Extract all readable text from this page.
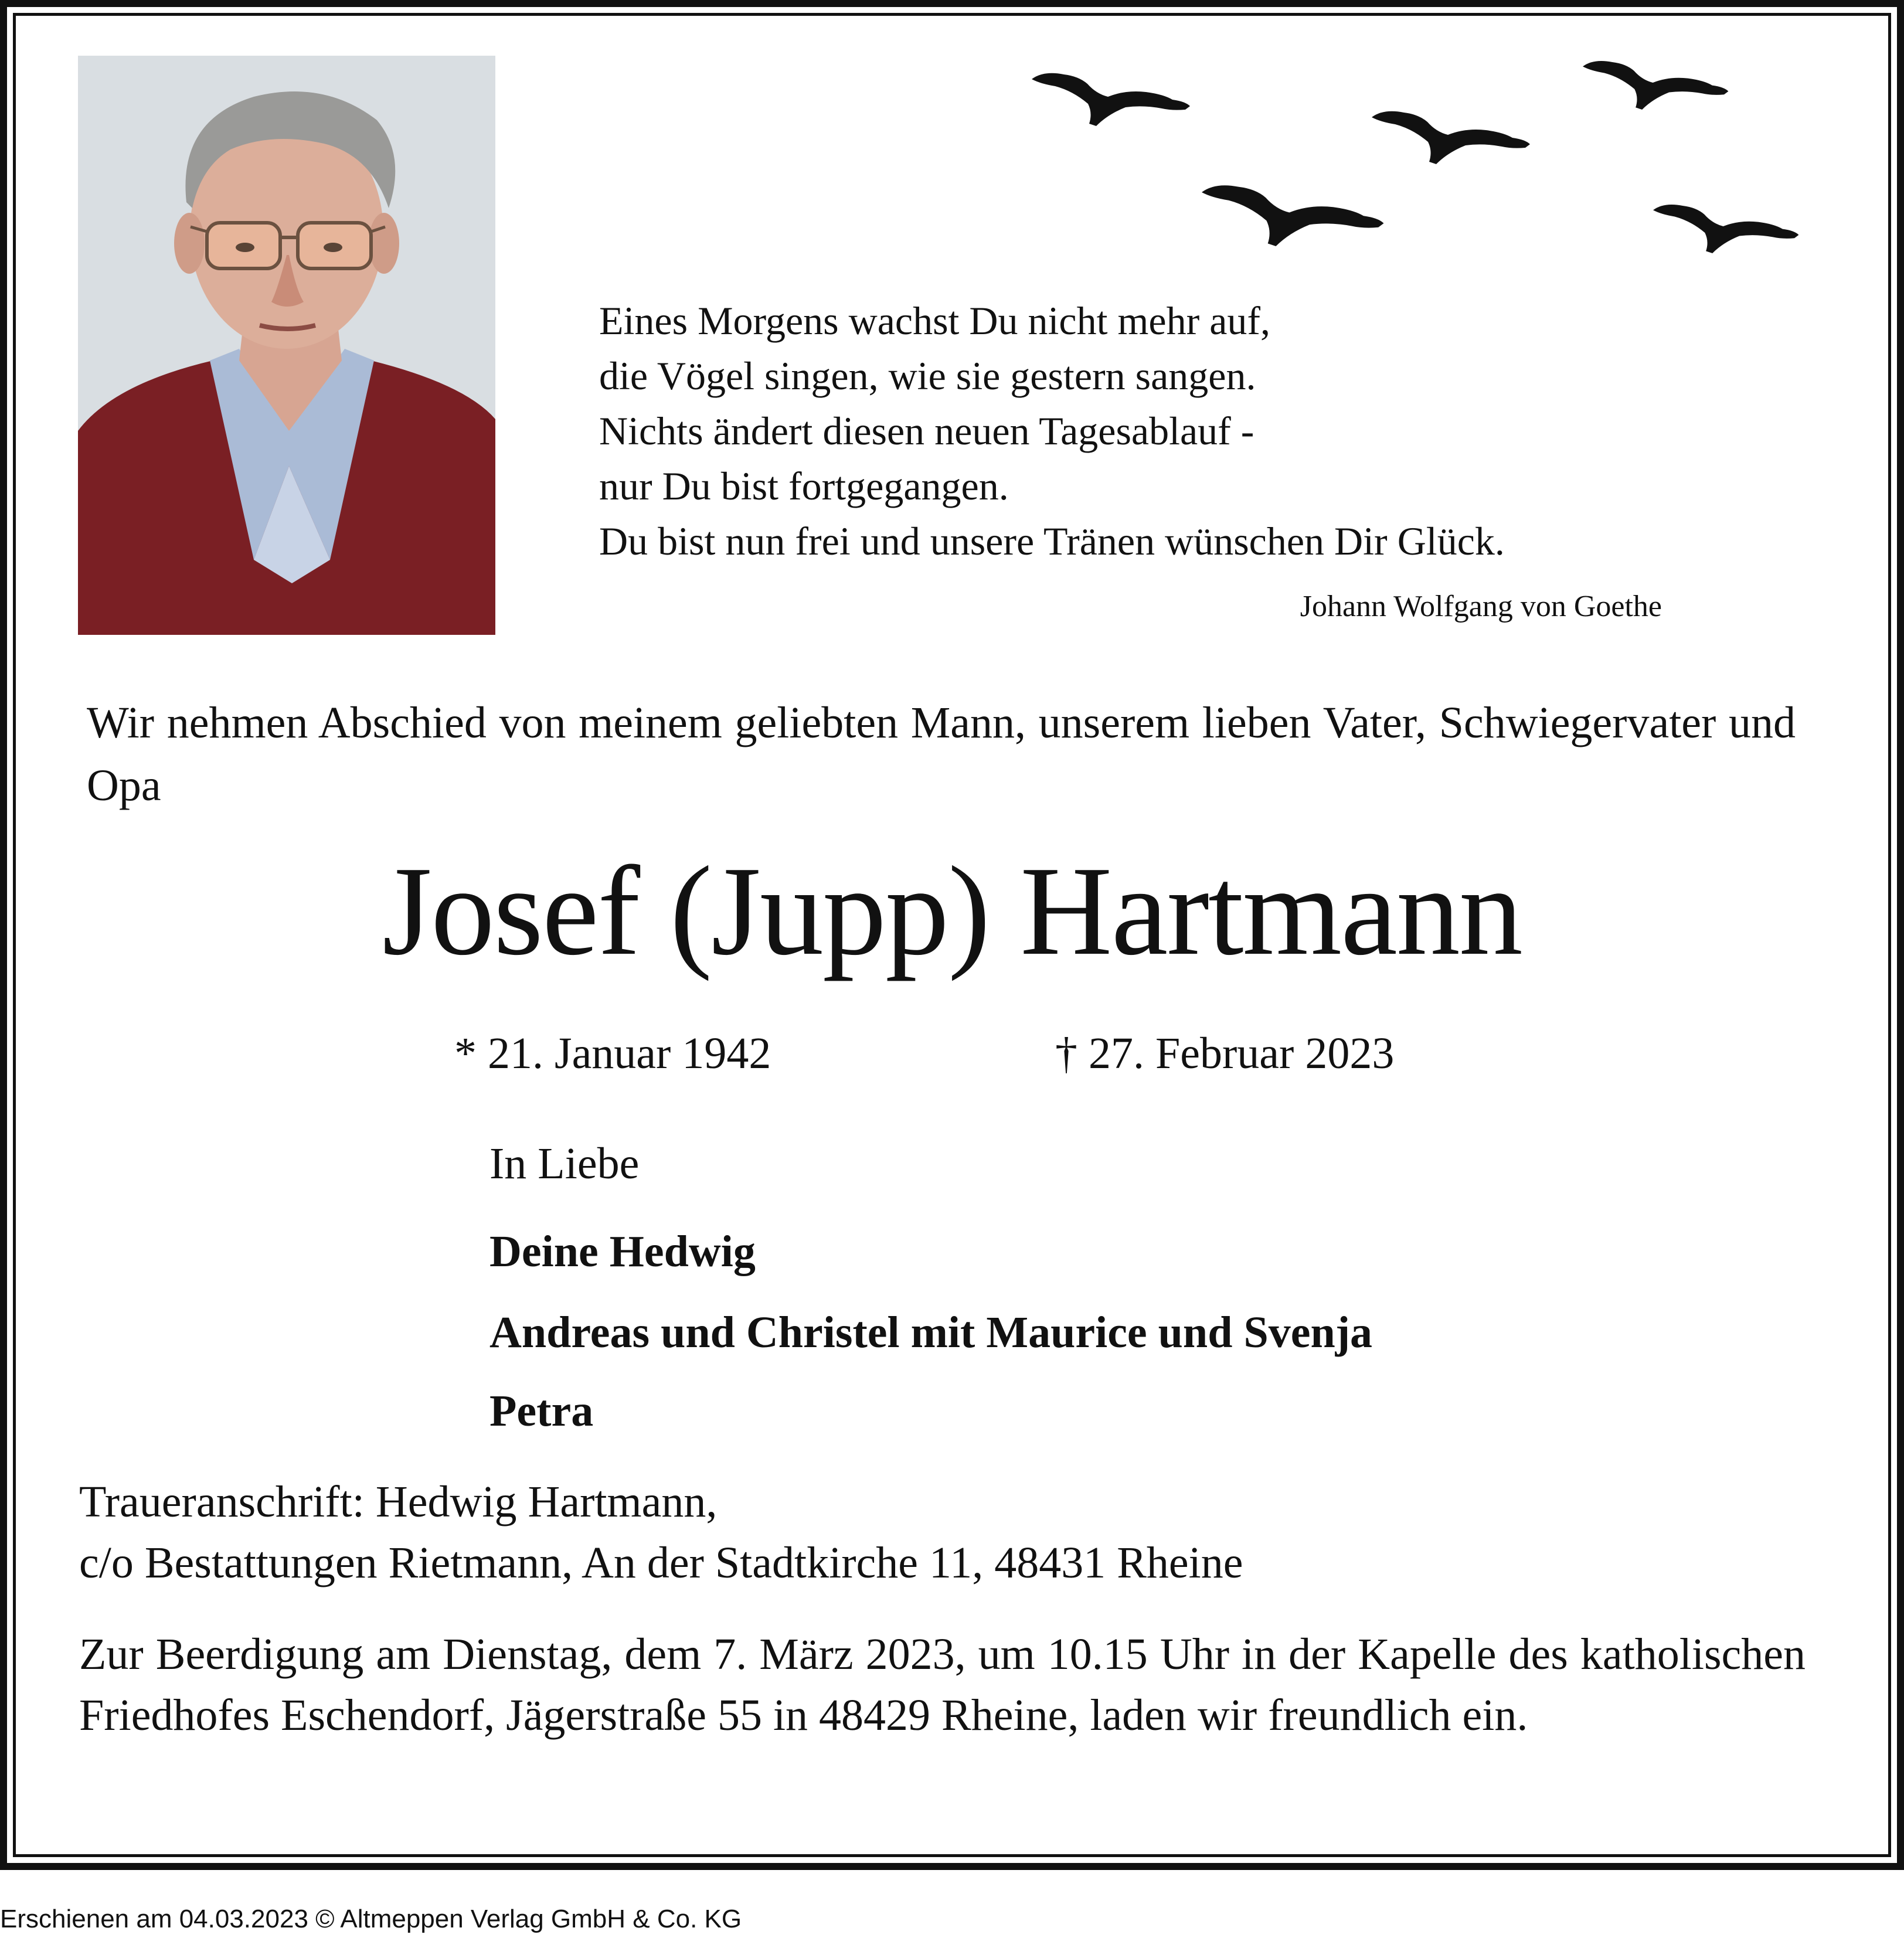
Eines Morgens wachst Du nicht mehr auf,
die Vögel singen, wie sie gestern sangen.
Nichts ändert diesen neuen Tagesablauf -
nur Du bist fortgegangen.
Du bist nun frei und unsere Tränen wünschen Dir Glück.
Johann Wolfgang von Goethe
Wir nehmen Abschied von meinem geliebten Mann, unserem lieben Vater, Schwiegervater und Opa
Josef (Jupp) Hartmann
* 21. Januar 1942	† 27. Februar 2023
In Liebe
Deine Hedwig
Andreas und Christel mit Maurice und Svenja
Petra
Traueranschrift: Hedwig Hartmann,
c/o Bestattungen Rietmann, An der Stadtkirche 11, 48431 Rheine
Zur Beerdigung am Dienstag, dem 7. März 2023, um 10.15 Uhr in der Kapelle des katholischen Friedhofes Eschendorf, Jägerstraße 55 in 48429 Rheine, laden wir freundlich ein.
Erschienen am 04.03.2023 © Altmeppen Verlag GmbH & Co. KG
